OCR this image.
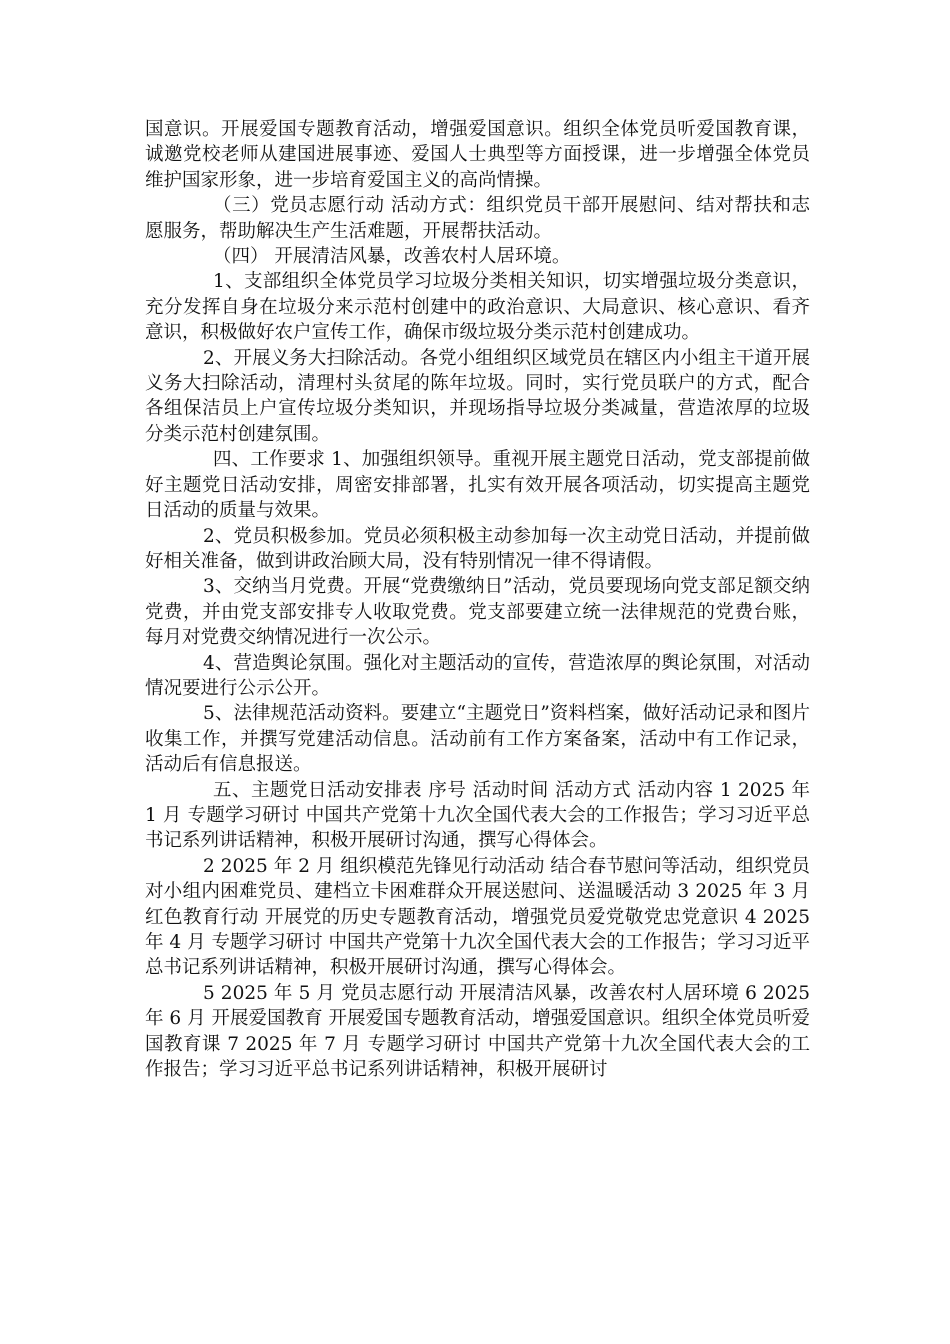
国意识。开展爱国专题教育活动，增强爱国意识。组织全体党员听爱国教育课，诚邀党校老师从建国进展事迹、爱国人士典型等方面授课，进一步增强全体党员维护国家形象，进一步培育爱国主义的高尚情操。

（三）党员志愿行动 活动方式：组织党员干部开展慰问、结对帮扶和志愿服务，帮助解决生产生活难题，开展帮扶活动。

（四） 开展清洁风暴，改善农村人居环境。

1、支部组织全体党员学习垃圾分类相关知识，切实增强垃圾分类意识，充分发挥自身在垃圾分来示范村创建中的政治意识、大局意识、核心意识、看齐意识，积极做好农户宣传工作，确保市级垃圾分类示范村创建成功。

2、开展义务大扫除活动。各党小组组织区域党员在辖区内小组主干道开展义务大扫除活动，清理村头贫尾的陈年垃圾。同时，实行党员联户的方式，配合各组保洁员上户宣传垃圾分类知识，并现场指导垃圾分类减量，营造浓厚的垃圾分类示范村创建氛围。

四、工作要求 1、加强组织领导。重视开展主题党日活动，党支部提前做好主题党日活动安排，周密安排部署，扎实有效开展各项活动，切实提高主题党日活动的质量与效果。

2、党员积极参加。党员必须积极主动参加每一次主动党日活动，并提前做好相关准备，做到讲政治顾大局，没有特别情况一律不得请假。

3、交纳当月党费。开展“党费缴纳日”活动，党员要现场向党支部足额交纳党费，并由党支部安排专人收取党费。党支部要建立统一法律规范的党费台账，每月对党费交纳情况进行一次公示。

4、营造舆论氛围。强化对主题活动的宣传，营造浓厚的舆论氛围，对活动情况要进行公示公开。

5、法律规范活动资料。要建立“主题党日”资料档案，做好活动记录和图片收集工作，并撰写党建活动信息。活动前有工作方案备案，活动中有工作记录，活动后有信息报送。

五、主题党日活动安排表 序号 活动时间 活动方式 活动内容 1 2025 年 1 月 专题学习研讨 中国共产党第十九次全国代表大会的工作报告；学习习近平总书记系列讲话精神，积极开展研讨沟通，撰写心得体会。

2 2025 年 2 月 组织模范先锋见行动活动 结合春节慰问等活动，组织党员对小组内困难党员、建档立卡困难群众开展送慰问、送温暖活动 3 2025 年 3 月 红色教育行动 开展党的历史专题教育活动，增强党员爱党敬党忠党意识 4 2025 年 4 月 专题学习研讨 中国共产党第十九次全国代表大会的工作报告；学习习近平总书记系列讲话精神，积极开展研讨沟通，撰写心得体会。

5 2025 年 5 月 党员志愿行动 开展清洁风暴，改善农村人居环境 6 2025 年 6 月 开展爱国教育 开展爱国专题教育活动，增强爱国意识。组织全体党员听爱国教育课 7 2025 年 7 月 专题学习研讨 中国共产党第十九次全国代表大会的工作报告；学习习近平总书记系列讲话精神，积极开展研讨
